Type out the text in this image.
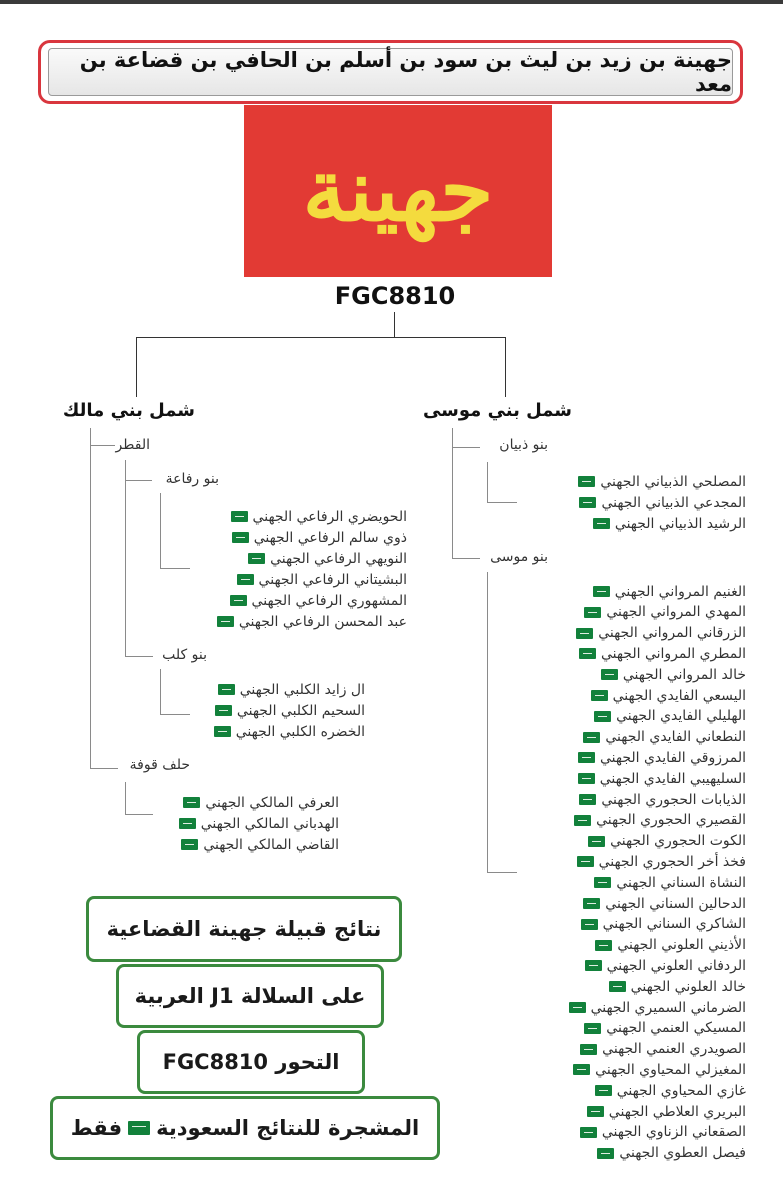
جهينة بن زيد بن ليث بن سود بن أسلم بن الحافي بن قضاعة بن معد
جهينة
FGC8810
شمل بني مالك	شمل بني موسى
القطر
بنو رفاعة
بنو كلب
حلف قوفة
بنو ذبيان
بنو موسى
الحويضري الرفاعي الجهني
ذوي سالم الرفاعي الجهني
النويهي الرفاعي الجهني
البشيتاني الرفاعي الجهني
المشهوري الرفاعي الجهني
عبد المحسن الرفاعي الجهني
ال زايد الكلبي الجهني
السحيم الكلبي الجهني
الخضره الكلبي الجهني
العرفي المالكي الجهني
الهدباني المالكي الجهني
القاضي المالكي الجهني
المصلحي الذبياني الجهني
المجدعي الذبياني الجهني
الرشيد الذبياني الجهني
الغنيم المرواني الجهني
المهدي المرواني الجهني
الزرقاني المرواني الجهني
المطري المرواني الجهني
خالد المرواني الجهني
اليسعي الفايدي الجهني
الهليلي الفايدي الجهني
النطعاني الفايدي الجهني
المرزوقي الفايدي الجهني
السليهيبي الفايدي الجهني
الذيابات الحجوري الجهني
القصيري الحجوري الجهني
الكوت الحجوري الجهني
فخذ أخر الحجوري الجهني
النشاة السناني الجهني
الدحالين السناني الجهني
الشاكري السناني الجهني
الأذيني العلوني الجهني
الردفاني العلوني الجهني
خالد العلوني الجهني
الضرماني السميري الجهني
المسيكي العنمي الجهني
الصويدري العنمي الجهني
المغيزلي المحياوي الجهني
غازي المحياوي الجهني
البريري العلاطي الجهني
الصقعاني الزناوي الجهني
فيصل العطوي الجهني
نتائج قبيلة جهينة القضاعية
على السلالة J1 العربية
التحور FGC8810
المشجرة للنتائج السعودية
فقط
